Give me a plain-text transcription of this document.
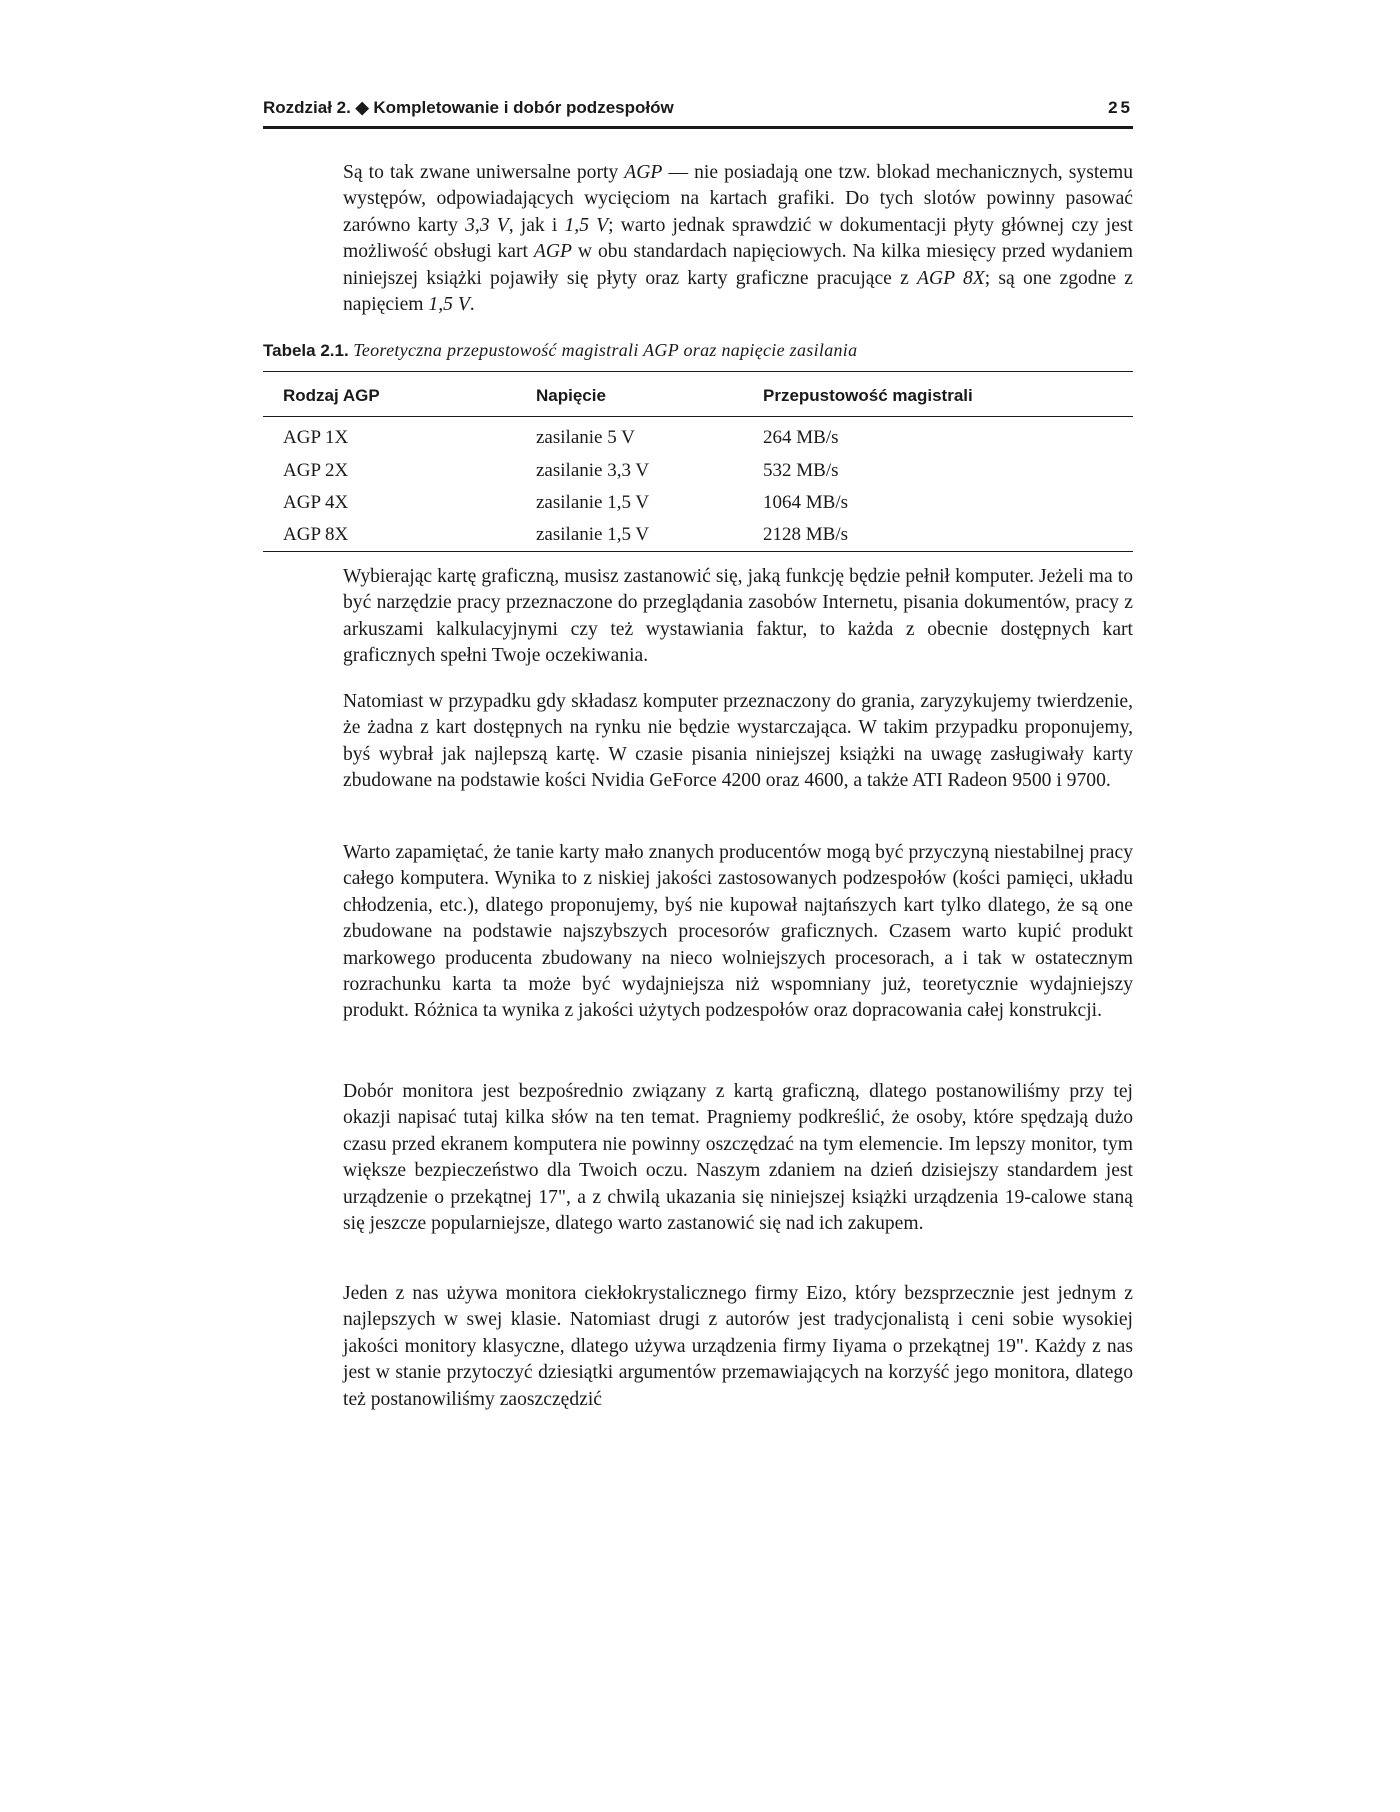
Rozdział 2. ◆ Kompletowanie i dobór podzespołów	25

Są to tak zwane uniwersalne porty AGP — nie posiadają one tzw. blokad mechanicznych, systemu występów, odpowiadających wycięciom na kartach grafiki. Do tych slotów powinny pasować zarówno karty 3,3 V, jak i 1,5 V; warto jednak sprawdzić w dokumentacji płyty głównej czy jest możliwość obsługi kart AGP w obu standardach napięciowych. Na kilka miesięcy przed wydaniem niniejszej książki pojawiły się płyty oraz karty graficzne pracujące z AGP 8X; są one zgodne z napięciem 1,5 V.

Tabela 2.1. Teoretyczna przepustowość magistrali AGP oraz napięcie zasilania
Rodzaj AGP	Napięcie	Przepustowość magistrali
AGP 1X	zasilanie 5 V	264 MB/s
AGP 2X	zasilanie 3,3 V	532 MB/s
AGP 4X	zasilanie 1,5 V	1064 MB/s
AGP 8X	zasilanie 1,5 V	2128 MB/s

Wybierając kartę graficzną, musisz zastanowić się, jaką funkcję będzie pełnił komputer. Jeżeli ma to być narzędzie pracy przeznaczone do przeglądania zasobów Internetu, pisania dokumentów, pracy z arkuszami kalkulacyjnymi czy też wystawiania faktur, to każda z obecnie dostępnych kart graficznych spełni Twoje oczekiwania.

Natomiast w przypadku gdy składasz komputer przeznaczony do grania, zaryzykujemy twierdzenie, że żadna z kart dostępnych na rynku nie będzie wystarczająca. W takim przypadku proponujemy, byś wybrał jak najlepszą kartę. W czasie pisania niniejszej książki na uwagę zasługiwały karty zbudowane na podstawie kości Nvidia GeForce 4200 oraz 4600, a także ATI Radeon 9500 i 9700.

Warto zapamiętać, że tanie karty mało znanych producentów mogą być przyczyną niestabilnej pracy całego komputera. Wynika to z niskiej jakości zastosowanych podzespołów (kości pamięci, układu chłodzenia, etc.), dlatego proponujemy, byś nie kupował najtańszych kart tylko dlatego, że są one zbudowane na podstawie najszybszych procesorów graficznych. Czasem warto kupić produkt markowego producenta zbudowany na nieco wolniejszych procesorach, a i tak w ostatecznym rozrachunku karta ta może być wydajniejsza niż wspomniany już, teoretycznie wydajniejszy produkt. Różnica ta wynika z jakości użytych podzespołów oraz dopracowania całej konstrukcji.

Dobór monitora jest bezpośrednio związany z kartą graficzną, dlatego postanowiliśmy przy tej okazji napisać tutaj kilka słów na ten temat. Pragniemy podkreślić, że osoby, które spędzają dużo czasu przed ekranem komputera nie powinny oszczędzać na tym elemencie. Im lepszy monitor, tym większe bezpieczeństwo dla Twoich oczu. Naszym zdaniem na dzień dzisiejszy standardem jest urządzenie o przekątnej 17", a z chwilą ukazania się niniejszej książki urządzenia 19-calowe staną się jeszcze popularniejsze, dlatego warto zastanowić się nad ich zakupem.

Jeden z nas używa monitora ciekłokrystalicznego firmy Eizo, który bezsprzecznie jest jednym z najlepszych w swej klasie. Natomiast drugi z autorów jest tradycjonalistą i ceni sobie wysokiej jakości monitory klasyczne, dlatego używa urządzenia firmy Iiyama o przekątnej 19". Każdy z nas jest w stanie przytoczyć dziesiątki argumentów przemawiających na korzyść jego monitora, dlatego też postanowiliśmy zaoszczędzić
